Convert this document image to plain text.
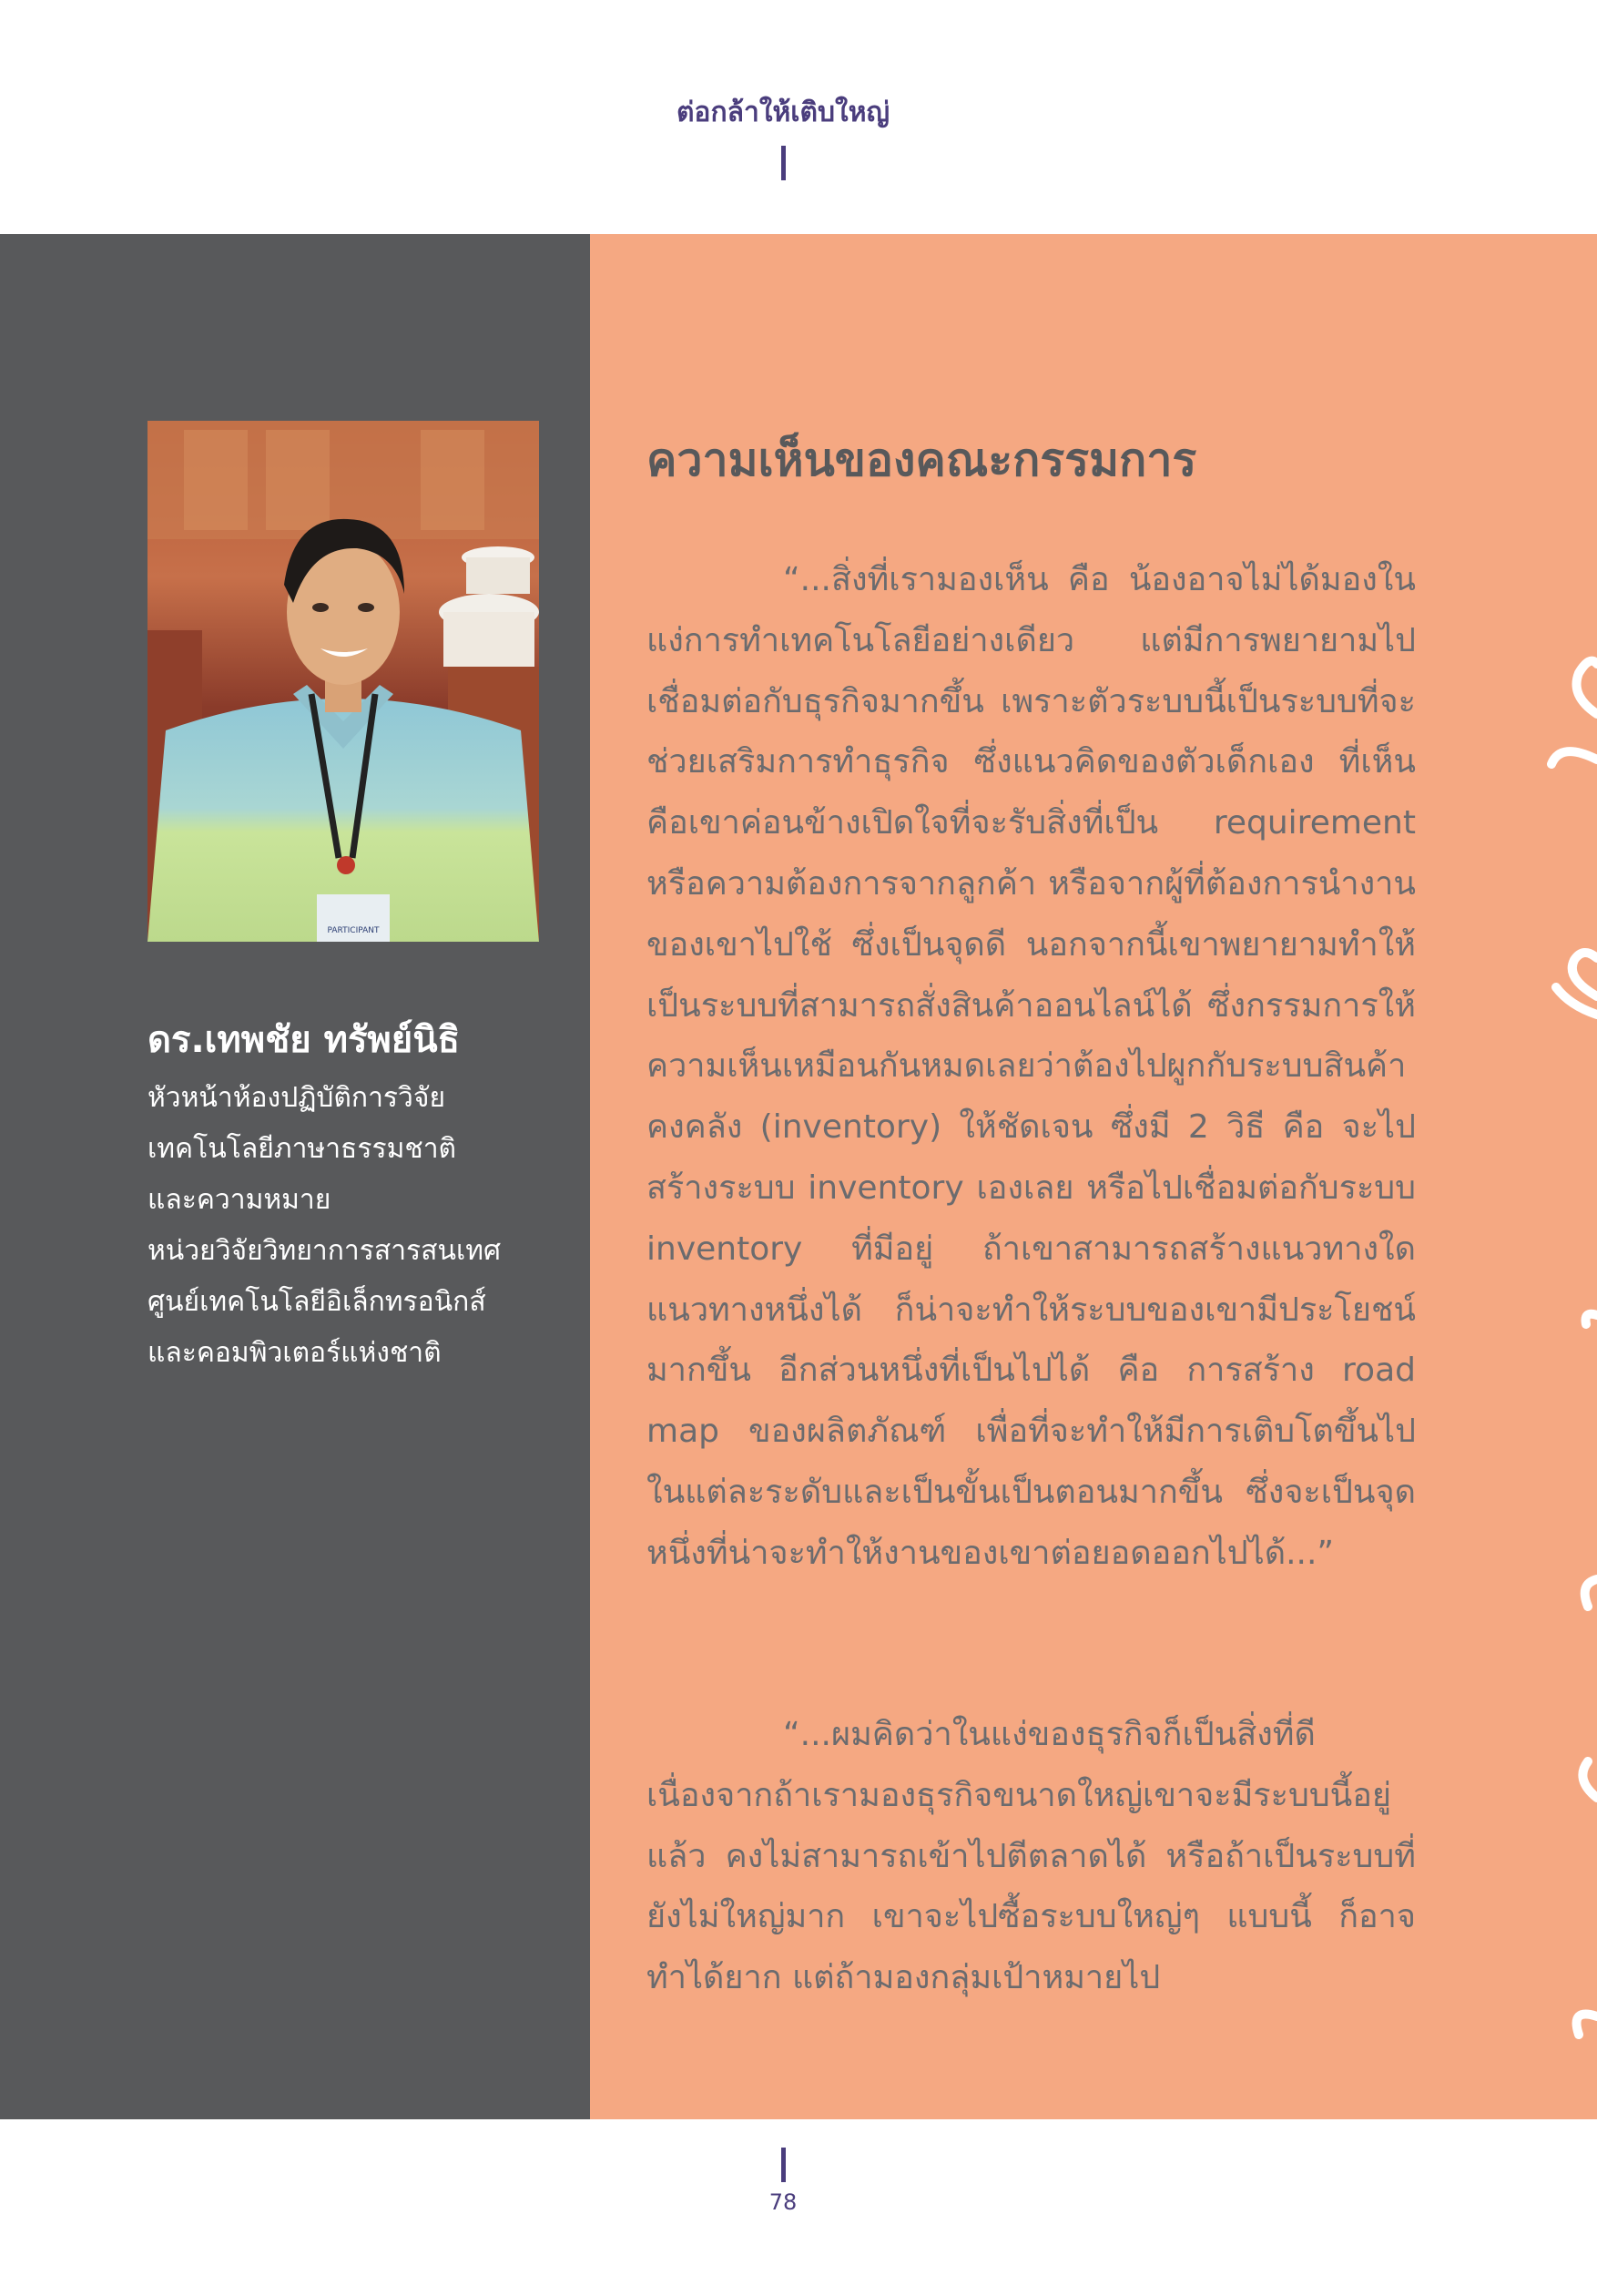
ต่อกล้าให้เติบใหญ่
PARTICIPANT
ดร.เทพชัย ทรัพย์นิธิ
หัวหน้าห้องปฏิบัติการวิจัย
เทคโนโลยีภาษาธรรมชาติ
และความหมาย
หน่วยวิจัยวิทยาการสารสนเทศ
ศูนย์เทคโนโลยีอิเล็กทรอนิกส์
และคอมพิวเตอร์แห่งชาติ
ความเห็นของคณะกรรมการ
“...สิ่งที่เรามองเห็น คือ น้องอาจไม่ได้มองในแง่การทำเทคโนโลยีอย่างเดียว แต่มีการพยายามไปเชื่อมต่อกับธุรกิจมากขึ้น เพราะตัวระบบนี้เป็นระบบที่จะช่วยเสริมการทำธุรกิจ ซึ่งแนวคิดของตัวเด็กเอง ที่เห็นคือเขาค่อนข้างเปิดใจที่จะรับสิ่งที่เป็น requirement หรือความต้องการจากลูกค้า หรือจากผู้ที่ต้องการนำงานของเขาไปใช้ ซึ่งเป็นจุดดี นอกจากนี้เขาพยายามทำให้เป็นระบบที่สามารถสั่งสินค้าออนไลน์ได้ ซึ่งกรรมการให้ความเห็นเหมือนกันหมดเลยว่าต้องไปผูกกับระบบสินค้าคงคลัง (inventory) ให้ชัดเจน ซึ่งมี 2 วิธี คือ จะไปสร้างระบบ inventory เองเลย หรือไปเชื่อมต่อกับระบบ inventory ที่มีอยู่ ถ้าเขาสามารถสร้างแนวทางใดแนวทางหนึ่งได้ ก็น่าจะทำให้ระบบของเขามีประโยชน์มากขึ้น อีกส่วนหนึ่งที่เป็นไปได้ คือ การสร้าง road map ของผลิตภัณฑ์ เพื่อที่จะทำให้มีการเติบโตขึ้นไปในแต่ละระดับและเป็นขั้นเป็นตอนมากขึ้น ซึ่งจะเป็นจุดหนึ่งที่น่าจะทำให้งานของเขาต่อยอดออกไปได้...”
“...ผมคิดว่าในแง่ของธุรกิจก็เป็นสิ่งที่ดี เนื่องจากถ้าเรามองธุรกิจขนาดใหญ่เขาจะมีระบบนี้อยู่แล้ว คงไม่สามารถเข้าไปตีตลาดได้ หรือถ้าเป็นระบบที่ยังไม่ใหญ่มาก เขาจะไปซื้อระบบใหญ่ๆ แบบนี้ ก็อาจทำได้ยาก แต่ถ้ามองกลุ่มเป้าหมายไป
78
